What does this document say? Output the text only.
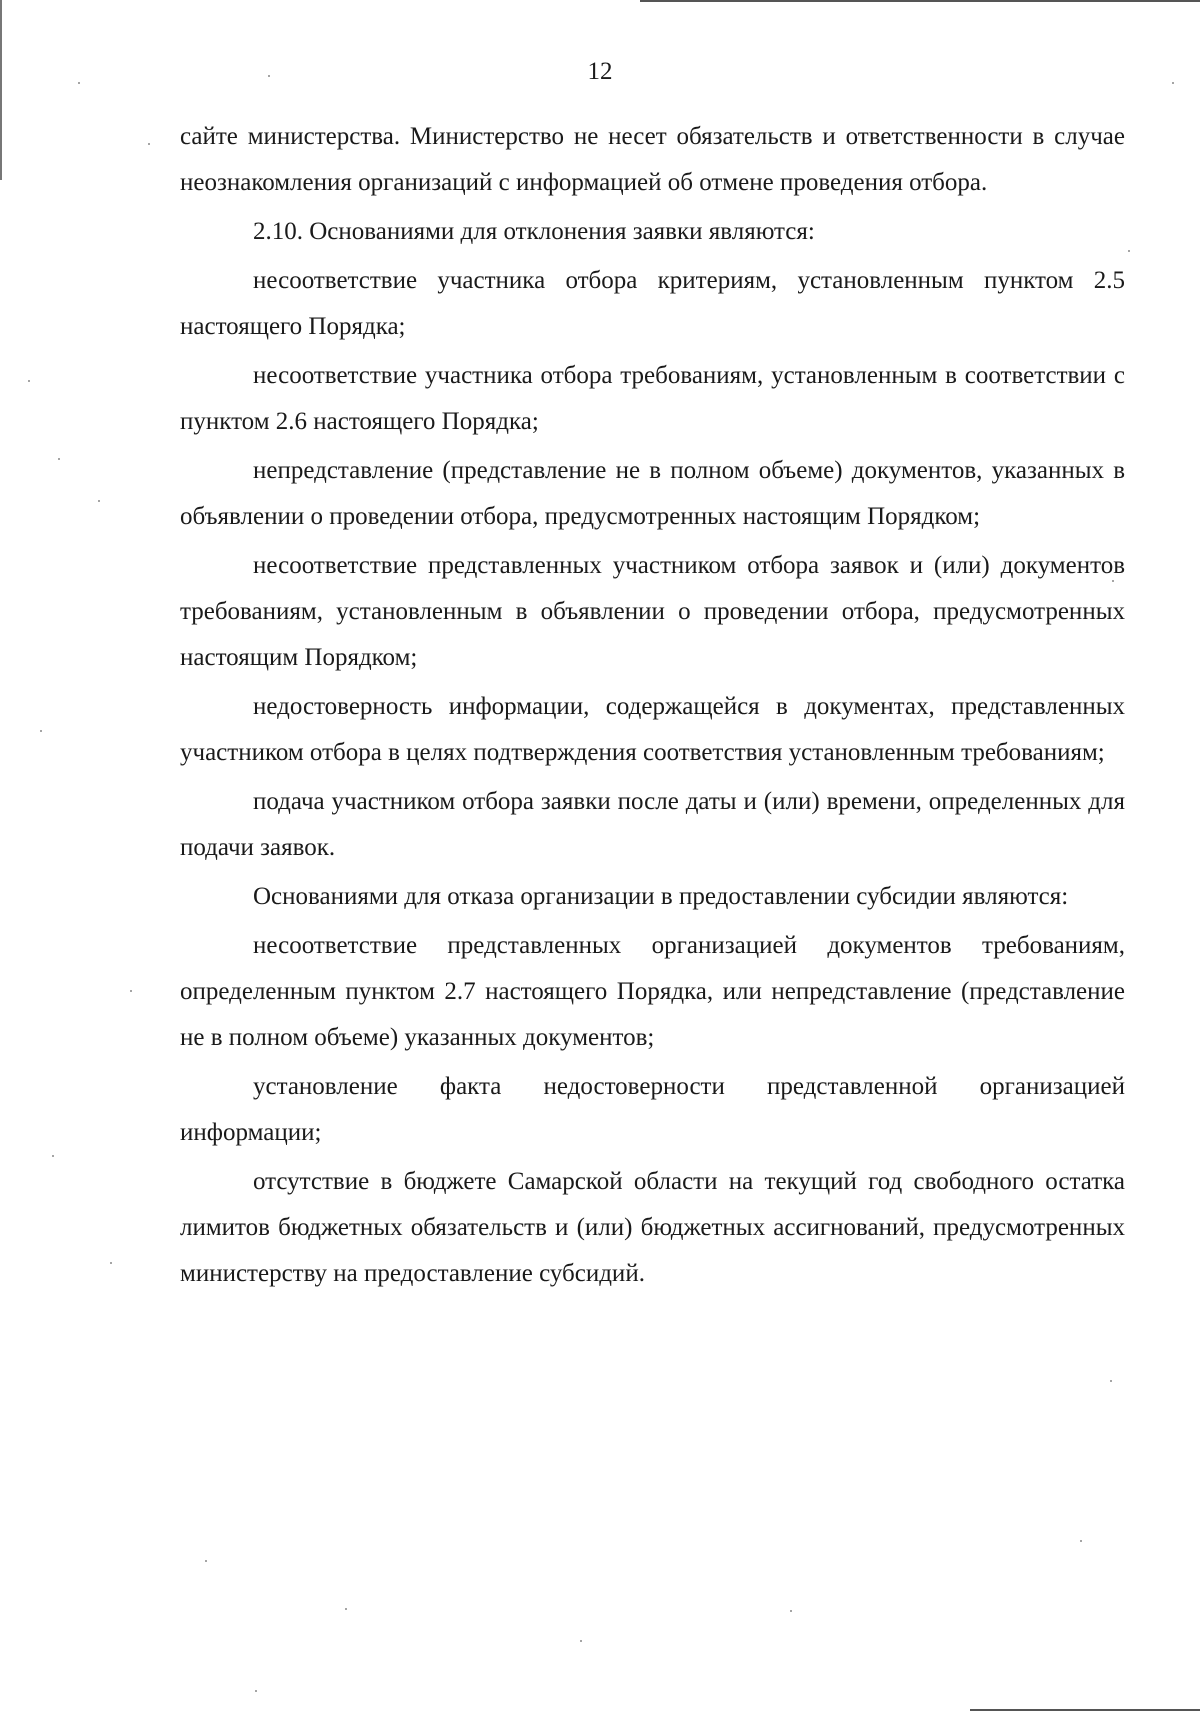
12

сайте министерства. Министерство не несет обязательств и ответственности в случае неознакомления организаций с информацией об отмене проведения отбора.

2.10. Основаниями для отклонения заявки являются:

несоответствие участника отбора критериям, установленным пунктом 2.5 настоящего Порядка;

несоответствие участника отбора требованиям, установленным в соответствии с пунктом 2.6 настоящего Порядка;

непредставление (представление не в полном объеме) документов, указанных в объявлении о проведении отбора, предусмотренных настоящим Порядком;

несоответствие представленных участником отбора заявок и (или) документов требованиям, установленным в объявлении о проведении отбора, предусмотренных настоящим Порядком;

недостоверность информации, содержащейся в документах, представленных участником отбора в целях подтверждения соответствия установленным требованиям;

подача участником отбора заявки после даты и (или) времени, определенных для подачи заявок.

Основаниями для отказа организации в предоставлении субсидии являются:

несоответствие представленных организацией документов требованиям, определенным пунктом 2.7 настоящего Порядка, или непредставление (представление не в полном объеме) указанных документов;

установление факта недостоверности представленной организацией информации;

отсутствие в бюджете Самарской области на текущий год свободного остатка лимитов бюджетных обязательств и (или) бюджетных ассигнований, предусмотренных министерству на предоставление субсидий.
